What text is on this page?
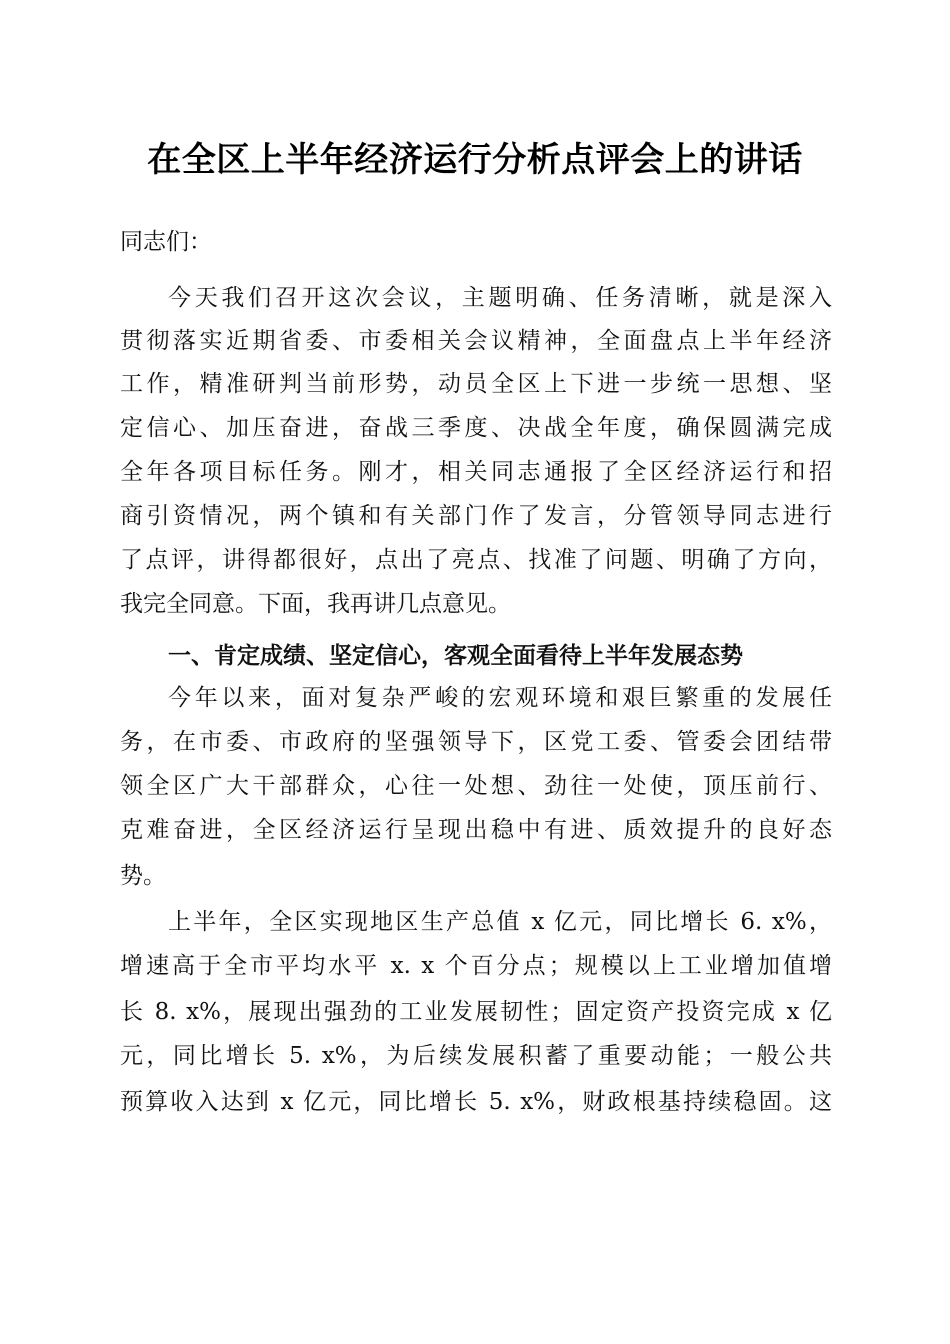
在全区上半年经济运行分析点评会上的讲话

同志们：

今天我们召开这次会议，主题明确、任务清晰，就是深入

贯彻落实近期省委、市委相关会议精神，全面盘点上半年经济

工作，精准研判当前形势，动员全区上下进一步统一思想、坚

定信心、加压奋进，奋战三季度、决战全年度，确保圆满完成

全年各项目标任务。刚才，相关同志通报了全区经济运行和招

商引资情况，两个镇和有关部门作了发言，分管领导同志进行

了点评，讲得都很好，点出了亮点、找准了问题、明确了方向，

我完全同意。下面，我再讲几点意见。

一、肯定成绩、坚定信心，客观全面看待上半年发展态势

今年以来，面对复杂严峻的宏观环境和艰巨繁重的发展任

务，在市委、市政府的坚强领导下，区党工委、管委会团结带

领全区广大干部群众，心往一处想、劲往一处使，顶压前行、

克难奋进，全区经济运行呈现出稳中有进、质效提升的良好态

势。

上半年，全区实现地区生产总值 x 亿元，同比增长 6. x%，

增速高于全市平均水平 x. x 个百分点；规模以上工业增加值增

长 8. x%，展现出强劲的工业发展韧性；固定资产投资完成 x 亿

元，同比增长 5. x%，为后续发展积蓄了重要动能；一般公共

预算收入达到 x 亿元，同比增长 5. x%，财政根基持续稳固。这
